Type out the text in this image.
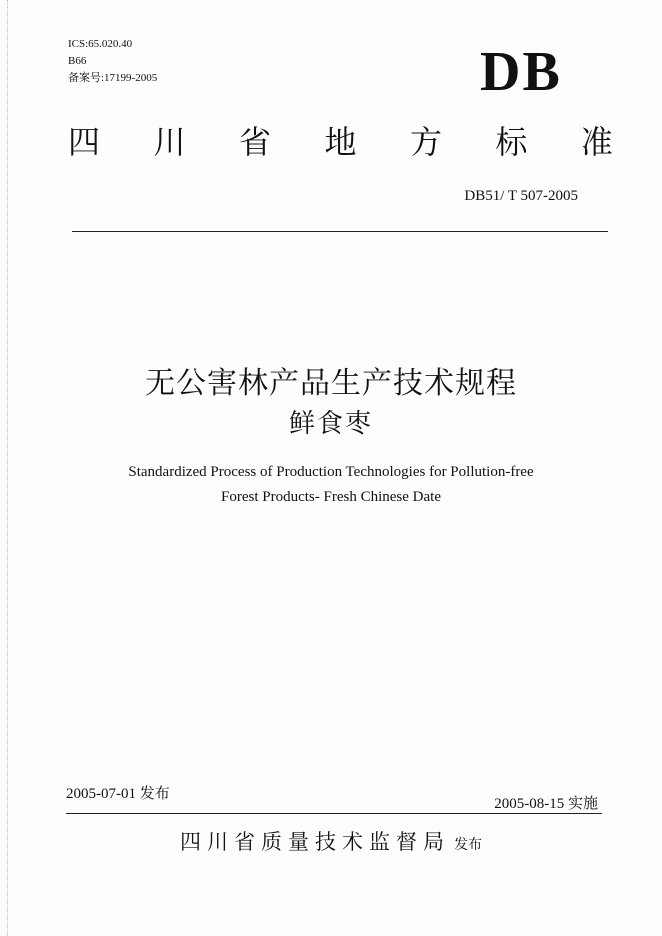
ICS:65.020.40
B66
备案号:17199-2005	DB
四 川 省 地 方 标 准
DB51/ T 507-2005
无公害林产品生产技术规程
鲜食枣
Standardized Process of Production Technologies for Pollution-free
Forest Products- Fresh Chinese Date
2005-07-01 发布
2005-08-15 实施
四川省质量技术监督局 发布
